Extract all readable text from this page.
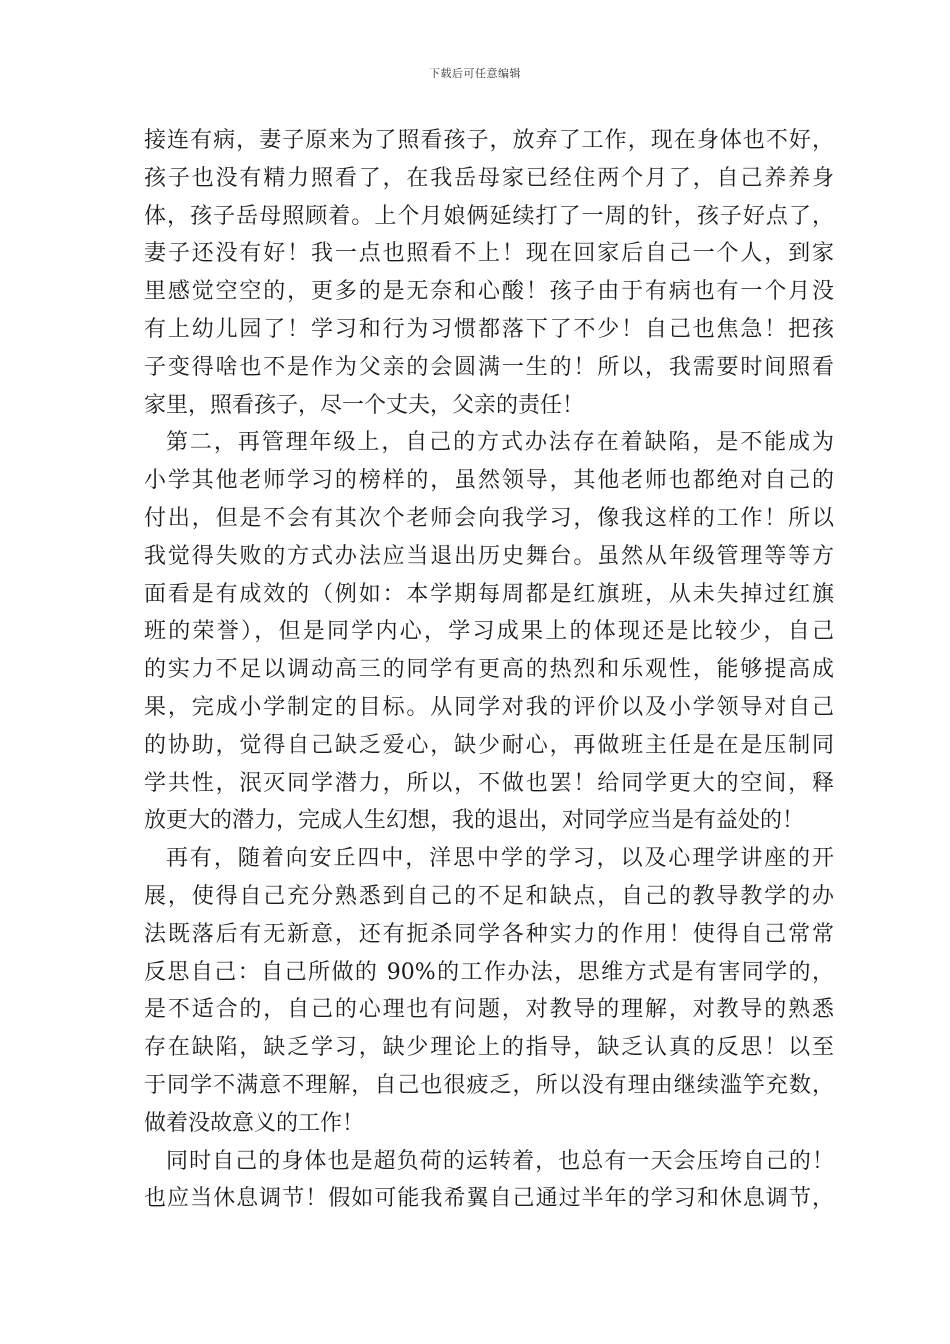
下载后可任意编辑
接连有病，妻子原来为了照看孩子，放弃了工作，现在身体也不好，
孩子也没有精力照看了，在我岳母家已经住两个月了，自己养养身
体，孩子岳母照顾着。上个月娘俩延续打了一周的针，孩子好点了，
妻子还没有好！我一点也照看不上！现在回家后自己一个人，到家
里感觉空空的，更多的是无奈和心酸！孩子由于有病也有一个月没
有上幼儿园了！学习和行为习惯都落下了不少！自己也焦急！把孩
子变得啥也不是作为父亲的会圆满一生的！所以，我需要时间照看
家里，照看孩子，尽一个丈夫，父亲的责任！
第二，再管理年级上，自己的方式办法存在着缺陷，是不能成为
小学其他老师学习的榜样的，虽然领导，其他老师也都绝对自己的
付出，但是不会有其次个老师会向我学习，像我这样的工作！所以
我觉得失败的方式办法应当退出历史舞台。虽然从年级管理等等方
面看是有成效的（例如：本学期每周都是红旗班，从未失掉过红旗
班的荣誉），但是同学内心，学习成果上的体现还是比较少，自己
的实力不足以调动高三的同学有更高的热烈和乐观性，能够提高成
果，完成小学制定的目标。从同学对我的评价以及小学领导对自己
的协助，觉得自己缺乏爱心，缺少耐心，再做班主任是在是压制同
学共性，泯灭同学潜力，所以，不做也罢！给同学更大的空间，释
放更大的潜力，完成人生幻想，我的退出，对同学应当是有益处的！
再有，随着向安丘四中，洋思中学的学习，以及心理学讲座的开
展，使得自己充分熟悉到自己的不足和缺点，自己的教导教学的办
法既落后有无新意，还有扼杀同学各种实力的作用！使得自己常常
反思自己：自己所做的 90%的工作办法，思维方式是有害同学的，
是不适合的，自己的心理也有问题，对教导的理解，对教导的熟悉
存在缺陷，缺乏学习，缺少理论上的指导，缺乏认真的反思！以至
于同学不满意不理解，自己也很疲乏，所以没有理由继续滥竽充数，
做着没故意义的工作！
同时自己的身体也是超负荷的运转着，也总有一天会压垮自己的！
也应当休息调节！假如可能我希翼自己通过半年的学习和休息调节，
